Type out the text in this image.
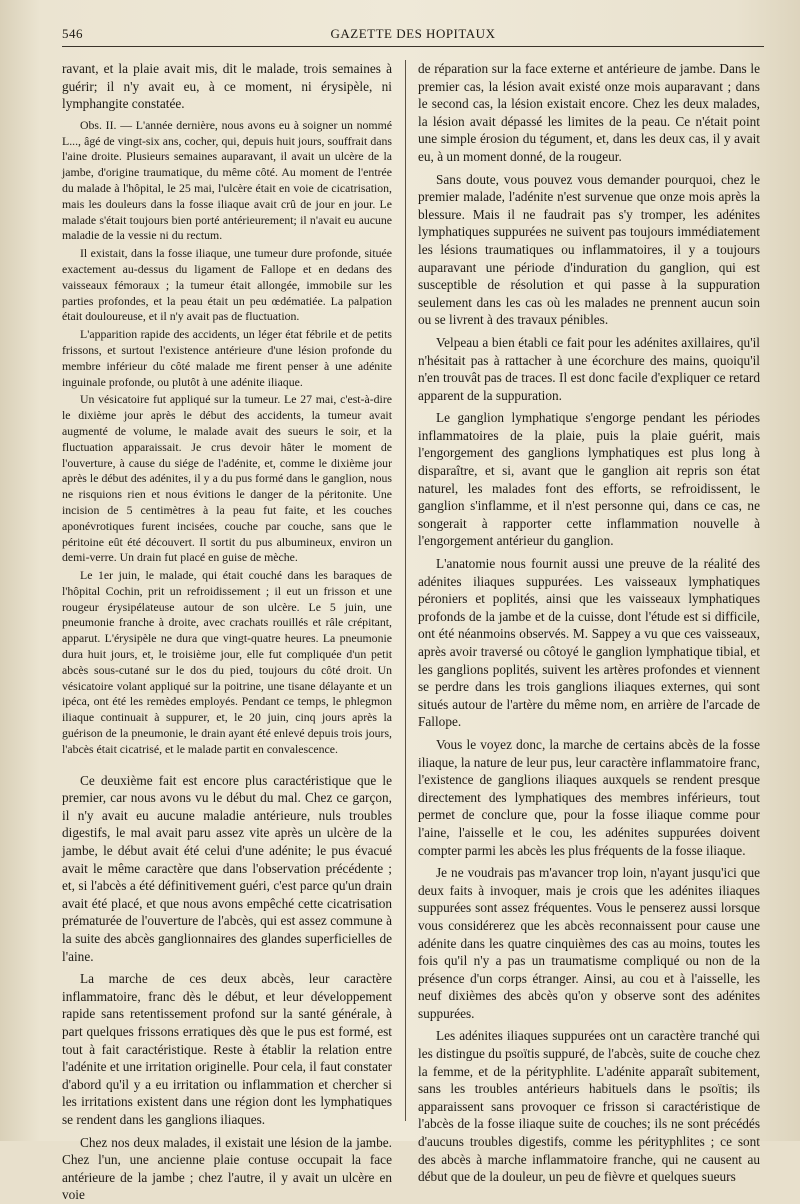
546	GAZETTE DES HOPITAUX

ravant, et la plaie avait mis, dit le malade, trois semaines à guérir; il n'y avait eu, à ce moment, ni érysipèle, ni lymphangite constatée.

Obs. II. — L'année dernière, nous avons eu à soigner un nommé L..., âgé de vingt-six ans, cocher, qui, depuis huit jours, souffrait dans l'aine droite. Plusieurs semaines auparavant, il avait un ulcère de la jambe, d'origine traumatique, du même côté. Au moment de l'entrée du malade à l'hôpital, le 25 mai, l'ulcère était en voie de cicatrisation, mais les douleurs dans la fosse iliaque avait crû de jour en jour. Le malade s'était toujours bien porté antérieurement; il n'avait eu aucune maladie de la vessie ni du rectum.

Il existait, dans la fosse iliaque, une tumeur dure profonde, située exactement au-dessus du ligament de Fallope et en dedans des vaisseaux fémoraux ; la tumeur était allongée, immobile sur les parties profondes, et la peau était un peu œdématiée. La palpation était douloureuse, et il n'y avait pas de fluctuation.

L'apparition rapide des accidents, un léger état fébrile et de petits frissons, et surtout l'existence antérieure d'une lésion profonde du membre inférieur du côté malade me firent penser à une adénite inguinale profonde, ou plutôt à une adénite iliaque.

Un vésicatoire fut appliqué sur la tumeur. Le 27 mai, c'est-à-dire le dixième jour après le début des accidents, la tumeur avait augmenté de volume, le malade avait des sueurs le soir, et la fluctuation apparaissait. Je crus devoir hâter le moment de l'ouverture, à cause du siége de l'adénite, et, comme le dixième jour après le début des adénites, il y a du pus formé dans le ganglion, nous ne risquions rien et nous évitions le danger de la péritonite. Une incision de 5 centimètres à la peau fut faite, et les couches aponévrotiques furent incisées, couche par couche, sans que le péritoine eût été découvert. Il sortit du pus albumineux, environ un demi-verre. Un drain fut placé en guise de mèche.

Le 1er juin, le malade, qui était couché dans les baraques de l'hôpital Cochin, prit un refroidissement ; il eut un frisson et une rougeur érysipélateuse autour de son ulcère. Le 5 juin, une pneumonie franche à droite, avec crachats rouillés et râle crépitant, apparut. L'érysipèle ne dura que vingt-quatre heures. La pneumonie dura huit jours, et, le troisième jour, elle fut compliquée d'un petit abcès sous-cutané sur le dos du pied, toujours du côté droit. Un vésicatoire volant appliqué sur la poitrine, une tisane délayante et un ipéca, ont été les remèdes employés. Pendant ce temps, le phlegmon iliaque continuait à suppurer, et, le 20 juin, cinq jours après la guérison de la pneumonie, le drain ayant été enlevé depuis trois jours, l'abcès était cicatrisé, et le malade partit en convalescence.

Ce deuxième fait est encore plus caractéristique que le premier, car nous avons vu le début du mal. Chez ce garçon, il n'y avait eu aucune maladie antérieure, nuls troubles digestifs, le mal avait paru assez vite après un ulcère de la jambe, le début avait été celui d'une adénite; le pus évacué avait le même caractère que dans l'observation précédente ; et, si l'abcès a été définitivement guéri, c'est parce qu'un drain avait été placé, et que nous avons empêché cette cicatrisation prématurée de l'ouverture de l'abcès, qui est assez commune à la suite des abcès ganglionnaires des glandes superficielles de l'aine.

La marche de ces deux abcès, leur caractère inflammatoire, franc dès le début, et leur développement rapide sans retentissement profond sur la santé générale, à part quelques frissons erratiques dès que le pus est formé, est tout à fait caractéristique. Reste à établir la relation entre l'adénite et une irritation originelle. Pour cela, il faut constater d'abord qu'il y a eu irritation ou inflammation et chercher si les irritations existent dans une région dont les lymphatiques se rendent dans les ganglions iliaques.

Chez nos deux malades, il existait une lésion de la jambe. Chez l'un, une ancienne plaie contuse occupait la face antérieure de la jambe ; chez l'autre, il y avait un ulcère en voie

de réparation sur la face externe et antérieure de jambe. Dans le premier cas, la lésion avait existé onze mois auparavant ; dans le second cas, la lésion existait encore. Chez les deux malades, la lésion avait dépassé les limites de la peau. Ce n'était point une simple érosion du tégument, et, dans les deux cas, il y avait eu, à un moment donné, de la rougeur.

Sans doute, vous pouvez vous demander pourquoi, chez le premier malade, l'adénite n'est survenue que onze mois après la blessure. Mais il ne faudrait pas s'y tromper, les adénites lymphatiques suppurées ne suivent pas toujours immédiatement les lésions traumatiques ou inflammatoires, il y a toujours auparavant une période d'induration du ganglion, qui est susceptible de résolution et qui passe à la suppuration seulement dans les cas où les malades ne prennent aucun soin ou se livrent à des travaux pénibles.

Velpeau a bien établi ce fait pour les adénites axillaires, qu'il n'hésitait pas à rattacher à une écorchure des mains, quoiqu'il n'en trouvât pas de traces. Il est donc facile d'expliquer ce retard apparent de la suppuration.

Le ganglion lymphatique s'engorge pendant les périodes inflammatoires de la plaie, puis la plaie guérit, mais l'engorgement des ganglions lymphatiques est plus long à disparaître, et si, avant que le ganglion ait repris son état naturel, les malades font des efforts, se refroidissent, le ganglion s'inflamme, et il n'est personne qui, dans ce cas, ne songerait à rapporter cette inflammation nouvelle à l'engorgement antérieur du ganglion.

L'anatomie nous fournit aussi une preuve de la réalité des adénites iliaques suppurées. Les vaisseaux lymphatiques péroniers et poplités, ainsi que les vaisseaux lymphatiques profonds de la jambe et de la cuisse, dont l'étude est si difficile, ont été néanmoins observés. M. Sappey a vu que ces vaisseaux, après avoir traversé ou côtoyé le ganglion lymphatique tibial, et les ganglions poplités, suivent les artères profondes et viennent se perdre dans les trois ganglions iliaques externes, qui sont situés autour de l'artère du même nom, en arrière de l'arcade de Fallope.

Vous le voyez donc, la marche de certains abcès de la fosse iliaque, la nature de leur pus, leur caractère inflammatoire franc, l'existence de ganglions iliaques auxquels se rendent presque directement des lymphatiques des membres inférieurs, tout permet de conclure que, pour la fosse iliaque comme pour l'aine, l'aisselle et le cou, les adénites suppurées doivent compter parmi les abcès les plus fréquents de la fosse iliaque.

Je ne voudrais pas m'avancer trop loin, n'ayant jusqu'ici que deux faits à invoquer, mais je crois que les adénites iliaques suppurées sont assez fréquentes. Vous le penserez aussi lorsque vous considérerez que les abcès reconnaissent pour cause une adénite dans les quatre cinquièmes des cas au moins, toutes les fois qu'il n'y a pas un traumatisme compliqué ou non de la présence d'un corps étranger. Ainsi, au cou et à l'aisselle, les neuf dixièmes des abcès qu'on y observe sont des adénites suppurées.

Les adénites iliaques suppurées ont un caractère tranché qui les distingue du psoïtis suppuré, de l'abcès, suite de couche chez la femme, et de la pérityphlite. L'adénite apparaît subitement, sans les troubles antérieurs habituels dans le psoïtis; ils apparaissent sans provoquer ce frisson si caractéristique de l'abcès de la fosse iliaque suite de couches; ils ne sont précédés d'aucuns troubles digestifs, comme les pérityphlites ; ce sont des abcès à marche inflammatoire franche, qui ne causent au début que de la douleur, un peu de fièvre et quelques sueurs
